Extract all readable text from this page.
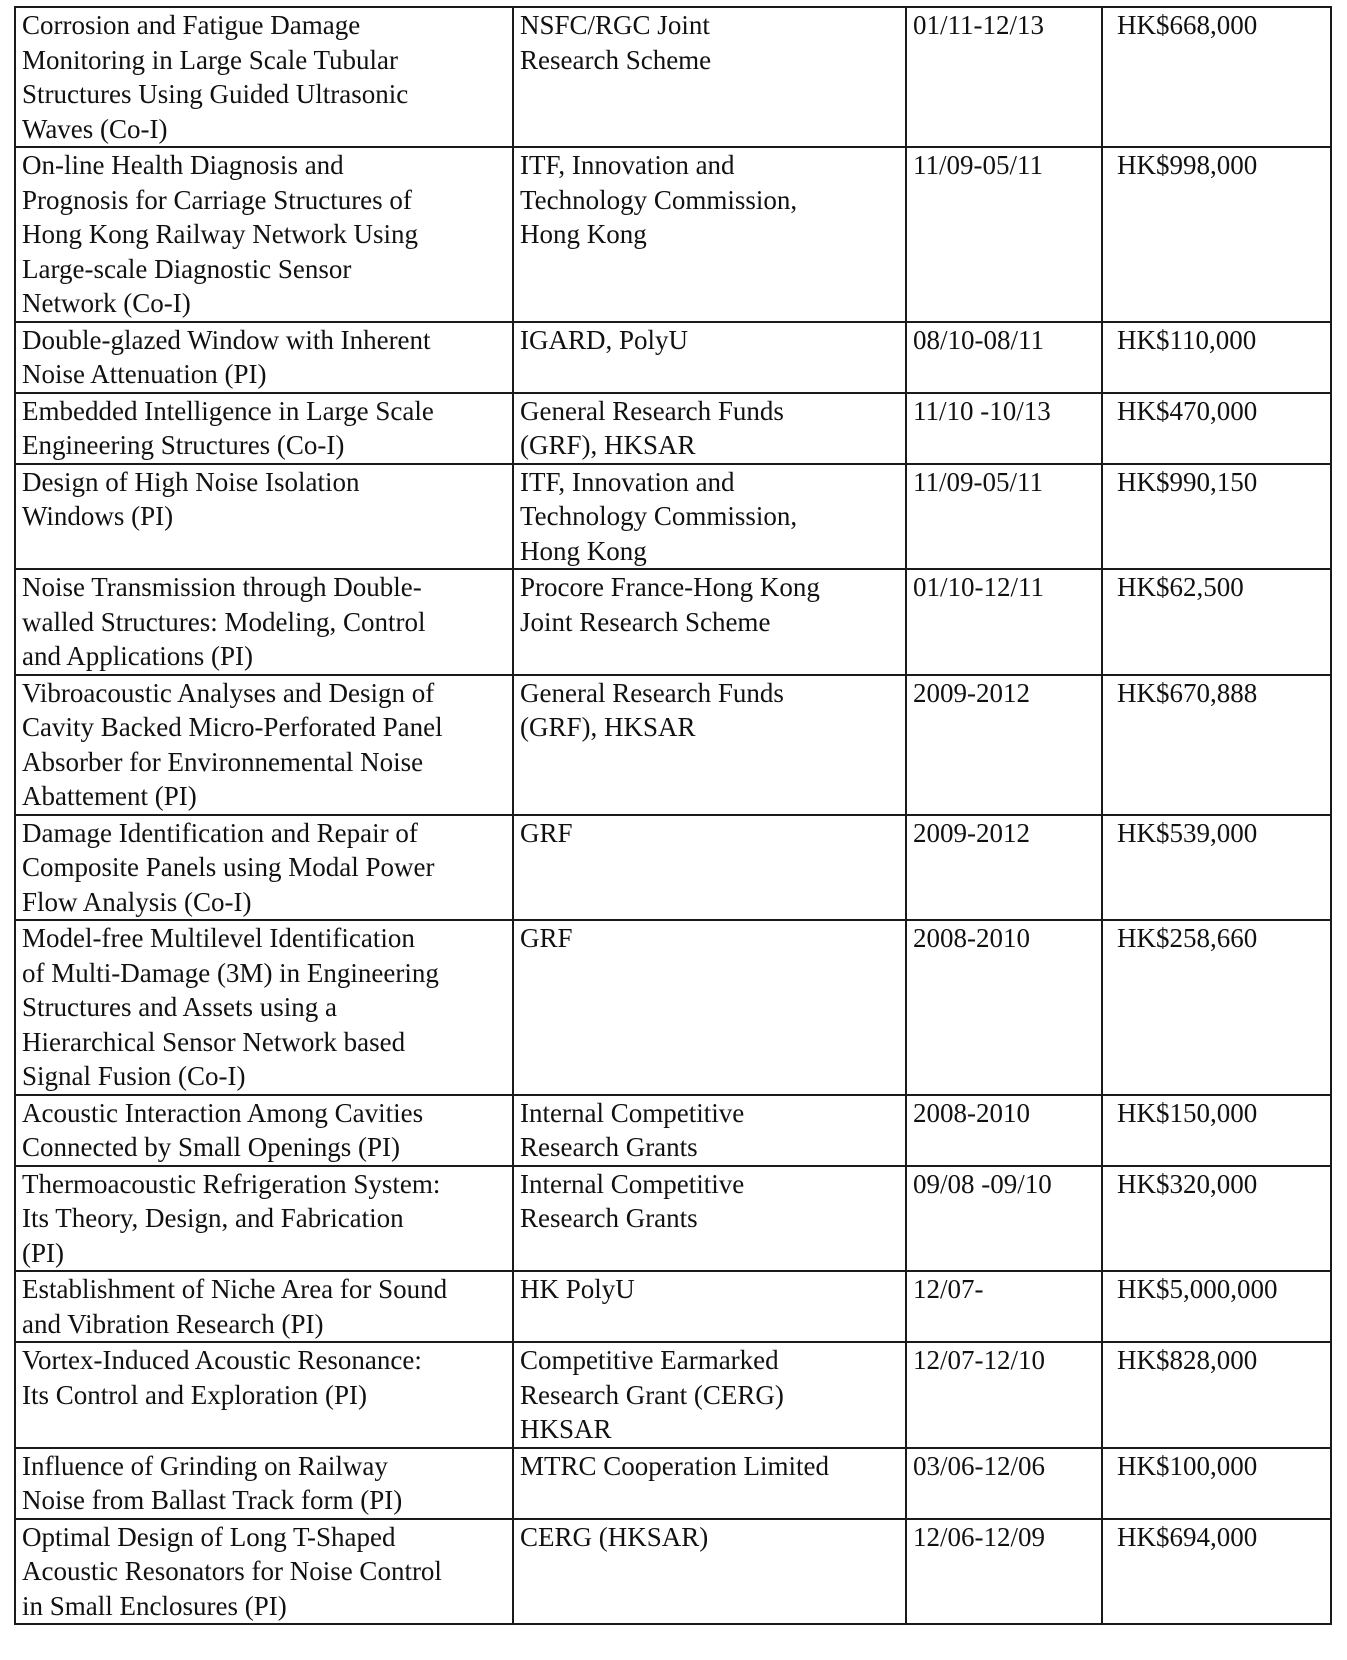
Corrosion and Fatigue Damage
Monitoring in Large Scale Tubular
Structures Using Guided Ultrasonic
Waves (Co-I)	NSFC/RGC Joint
Research Scheme	01/11-12/13	HK$668,000
On-line Health Diagnosis and
Prognosis for Carriage Structures of
Hong Kong Railway Network Using
Large-scale Diagnostic Sensor
Network (Co-I)	ITF, Innovation and
Technology Commission,
Hong Kong	11/09-05/11	HK$998,000
Double-glazed Window with Inherent
Noise Attenuation (PI)	IGARD, PolyU	08/10-08/11	HK$110,000
Embedded Intelligence in Large Scale
Engineering Structures (Co-I)	General Research Funds
(GRF), HKSAR	11/10 -10/13	HK$470,000
Design of High Noise Isolation
Windows (PI)	ITF, Innovation and
Technology Commission,
Hong Kong	11/09-05/11	HK$990,150
Noise Transmission through Double-
walled Structures: Modeling, Control
and Applications (PI)	Procore France-Hong Kong
Joint Research Scheme	01/10-12/11	HK$62,500
Vibroacoustic Analyses and Design of
Cavity Backed Micro-Perforated Panel
Absorber for Environnemental Noise
Abattement (PI)	General Research Funds
(GRF), HKSAR	2009-2012	HK$670,888
Damage Identification and Repair of
Composite Panels using Modal Power
Flow Analysis (Co-I)	GRF	2009-2012	HK$539,000
Model-free Multilevel Identification
of Multi-Damage (3M) in Engineering
Structures and Assets using a
Hierarchical Sensor Network based
Signal Fusion (Co-I)	GRF	2008-2010	HK$258,660
Acoustic Interaction Among Cavities
Connected by Small Openings (PI)	Internal Competitive
Research Grants	2008-2010	HK$150,000
Thermoacoustic Refrigeration System:
Its Theory, Design, and Fabrication
(PI)	Internal Competitive
Research Grants	09/08 -09/10	HK$320,000
Establishment of Niche Area for Sound
and Vibration Research (PI)	HK PolyU	12/07-	HK$5,000,000
Vortex-Induced Acoustic Resonance:
Its Control and Exploration (PI)	Competitive Earmarked
Research Grant (CERG)
HKSAR	12/07-12/10	HK$828,000
Influence of Grinding on Railway
Noise from Ballast Track form (PI)	MTRC Cooperation Limited	03/06-12/06	HK$100,000
Optimal Design of Long T-Shaped
Acoustic Resonators for Noise Control
in Small Enclosures (PI)	CERG (HKSAR)	12/06-12/09	HK$694,000
